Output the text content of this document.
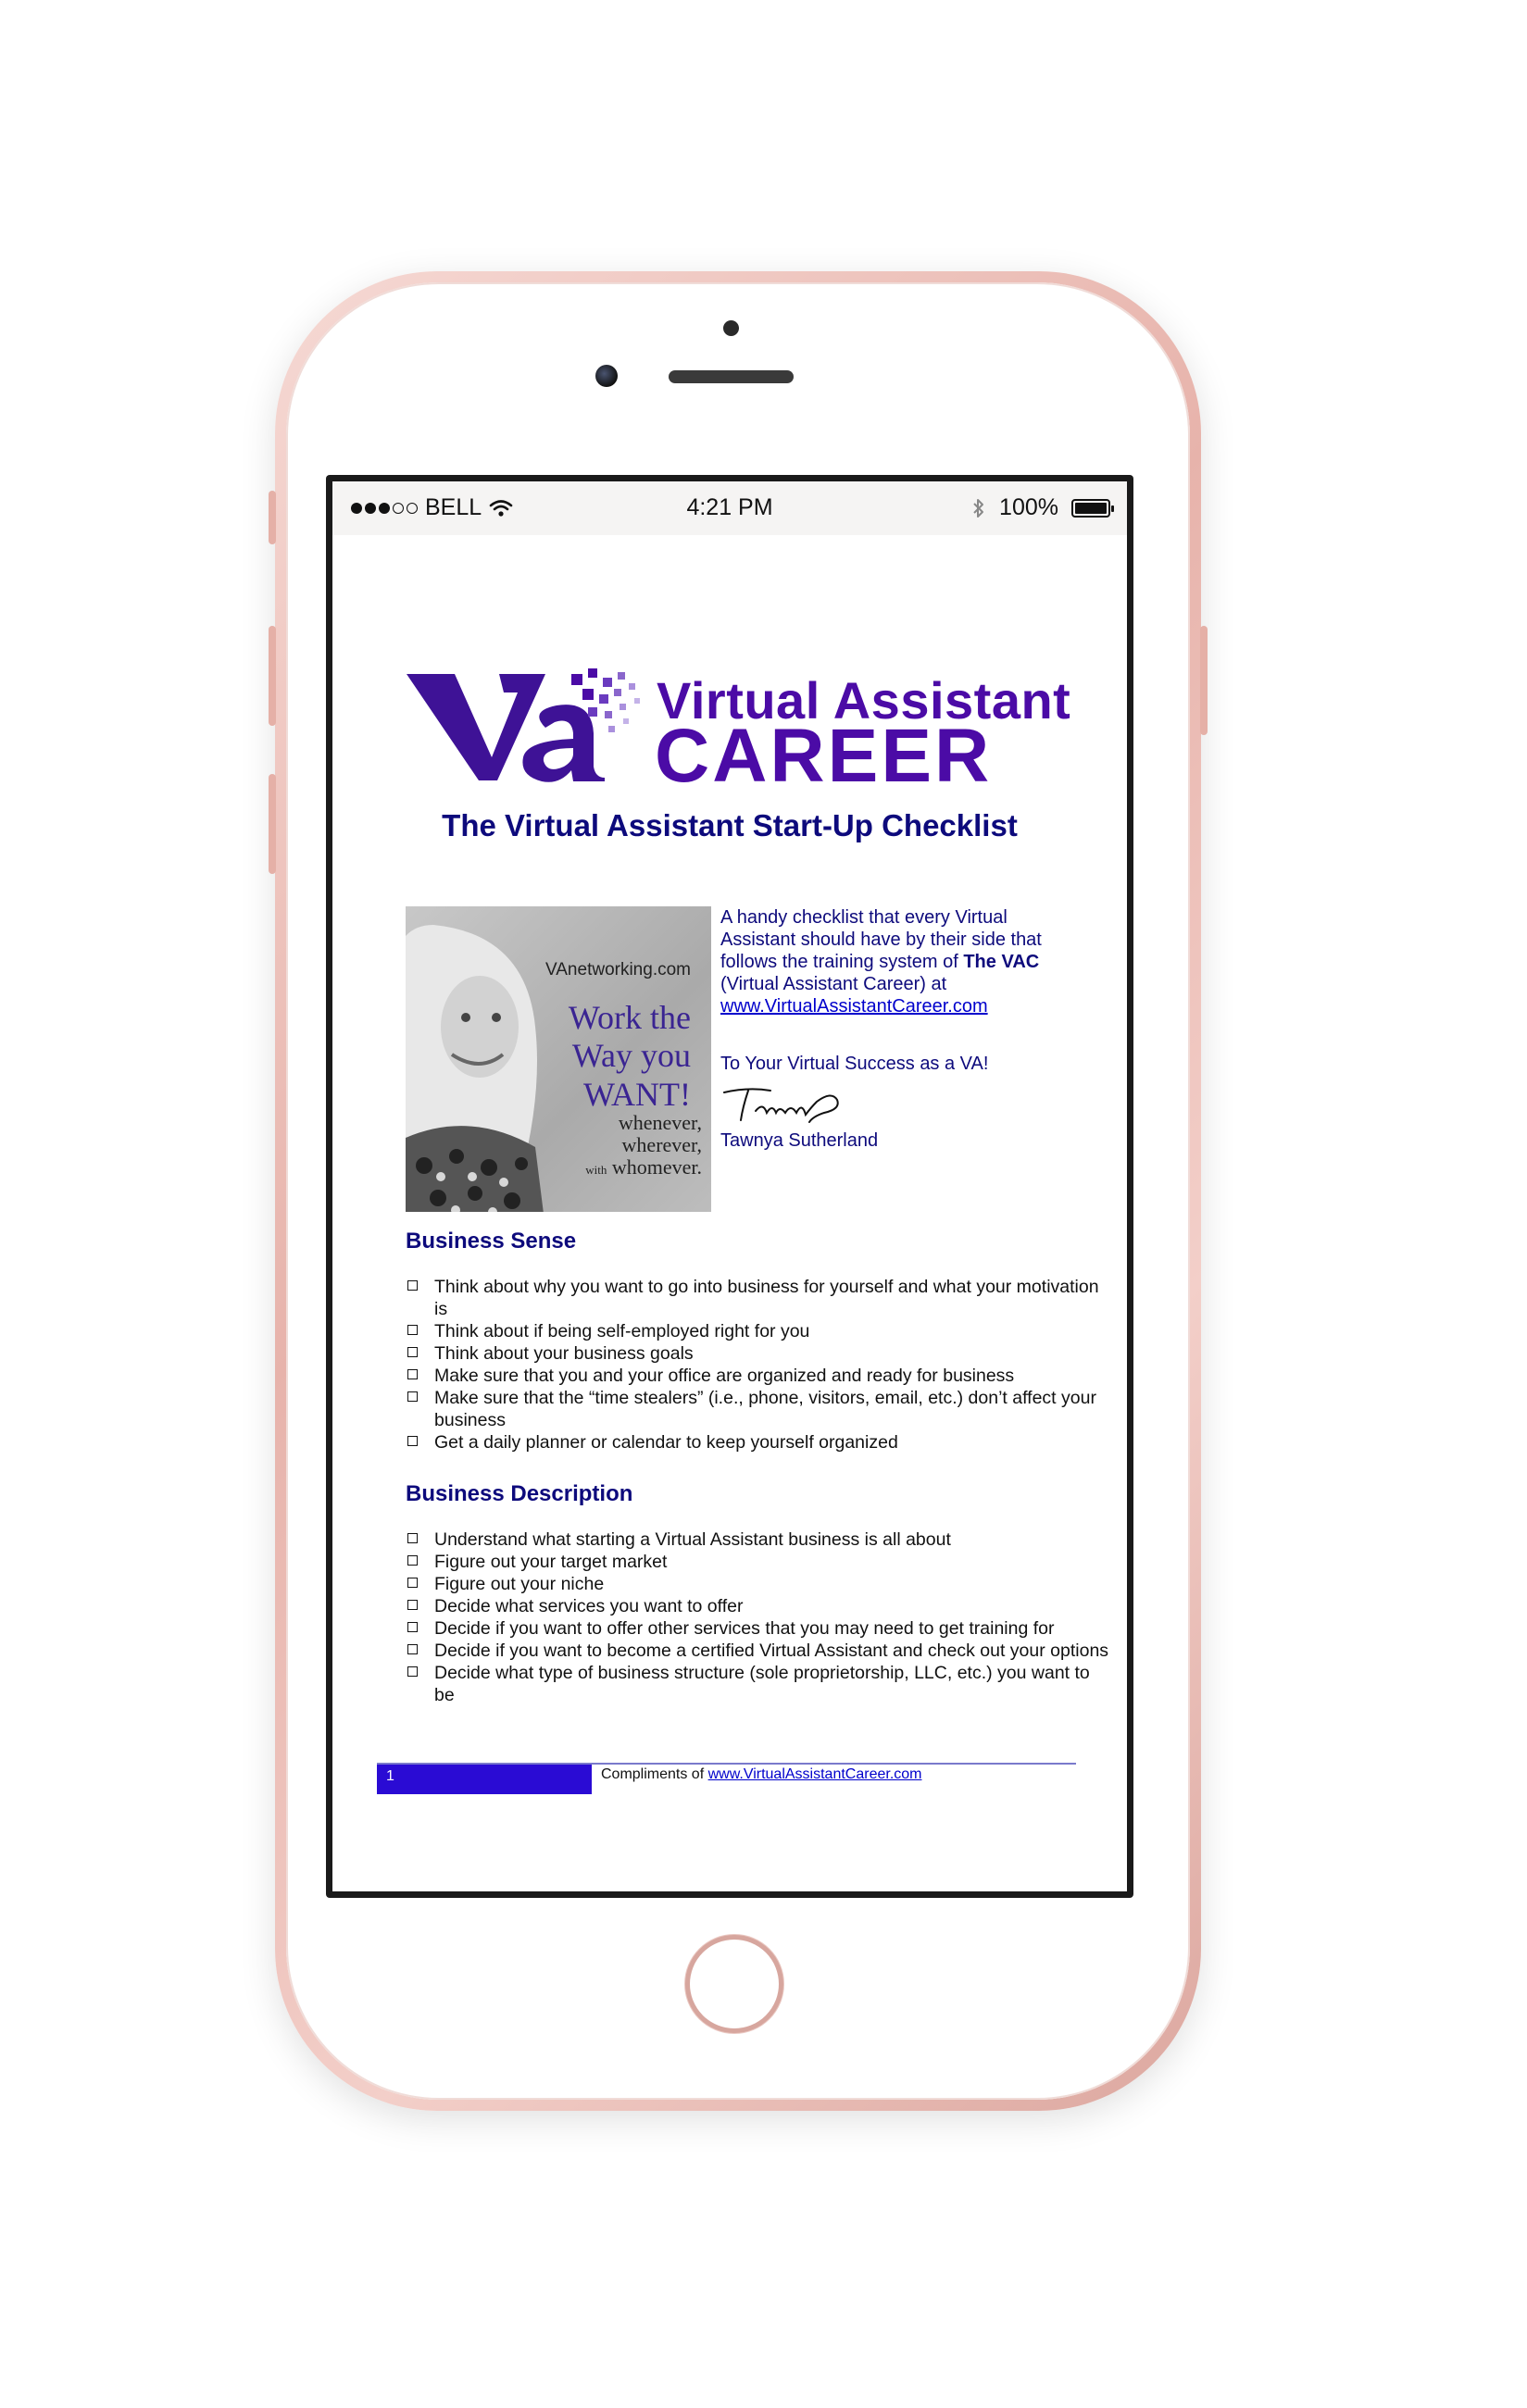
BELL	4:21 PM	100%
Virtual Assistant
CAREER
The Virtual Assistant Start-Up Checklist
VAnetworking.com
Work the
Way you
WANT!
whenever,
wherever,
with whomever.
A handy checklist that every Virtual Assistant should have by their side that follows the training system of The VAC (Virtual Assistant Career) at www.VirtualAssistantCareer.com
To Your Virtual Success as a VA!
Tawnya Sutherland
Business Sense
Think about why you want to go into business for yourself and what your motivation is
Think about if being self-employed right for you
Think about your business goals
Make sure that you and your office are organized and ready for business
Make sure that the “time stealers” (i.e., phone, visitors, email, etc.) don’t affect your business
Get a daily planner or calendar to keep yourself organized
Business Description
Understand what starting a Virtual Assistant business is all about
Figure out your target market
Figure out your niche
Decide what services you want to offer
Decide if you want to offer other services that you may need to get training for
Decide if you want to become a certified Virtual Assistant and check out your options
Decide what type of business structure (sole proprietorship, LLC, etc.) you want to be
1	Compliments of www.VirtualAssistantCareer.com
